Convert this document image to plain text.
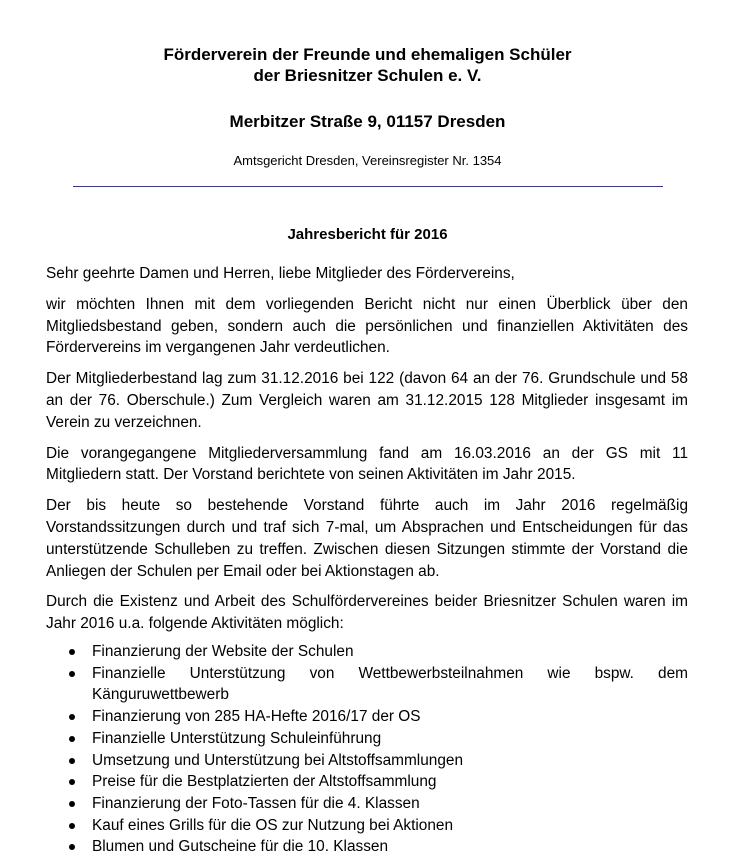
Förderverein der Freunde und ehemaligen Schüler
der Briesnitzer Schulen e. V.
Merbitzer Straße 9, 01157 Dresden
Amtsgericht Dresden, Vereinsregister Nr. 1354
Jahresbericht für 2016

Sehr geehrte Damen und Herren, liebe Mitglieder des Fördervereins,

wir möchten Ihnen mit dem vorliegenden Bericht nicht nur einen Überblick über den Mitgliedsbestand geben, sondern auch die persönlichen und finanziellen Aktivitäten des Fördervereins im vergangenen Jahr verdeutlichen.

Der Mitgliederbestand lag zum 31.12.2016 bei 122 (davon 64 an der 76. Grundschule und 58 an der 76. Oberschule.) Zum Vergleich waren am 31.12.2015 128 Mitglieder insgesamt im Verein zu verzeichnen.

Die vorangegangene Mitgliederversammlung fand am 16.03.2016 an der GS mit 11 Mitgliedern statt. Der Vorstand berichtete von seinen Aktivitäten im Jahr 2015.

Der bis heute so bestehende Vorstand führte auch im Jahr 2016 regelmäßig Vorstandssitzungen durch und traf sich 7-mal, um Absprachen und Entscheidungen für das unterstützende Schulleben zu treffen. Zwischen diesen Sitzungen stimmte der Vorstand die Anliegen der Schulen per Email oder bei Aktionstagen ab.

Durch die Existenz und Arbeit des Schulfördervereines beider Briesnitzer Schulen waren im Jahr 2016 u.a. folgende Aktivitäten möglich:

Finanzierung der Website der Schulen
Finanzielle Unterstützung von Wettbewerbsteilnahmen wie bspw. dem Känguruwettbewerb
Finanzierung von 285 HA-Hefte 2016/17 der OS
Finanzielle Unterstützung Schuleinführung
Umsetzung und Unterstützung bei Altstoffsammlungen
Preise für die Bestplatzierten der Altstoffsammlung
Finanzierung der Foto-Tassen für die 4. Klassen
Kauf eines Grills für die OS zur Nutzung bei Aktionen
Blumen und Gutscheine für die 10. Klassen
